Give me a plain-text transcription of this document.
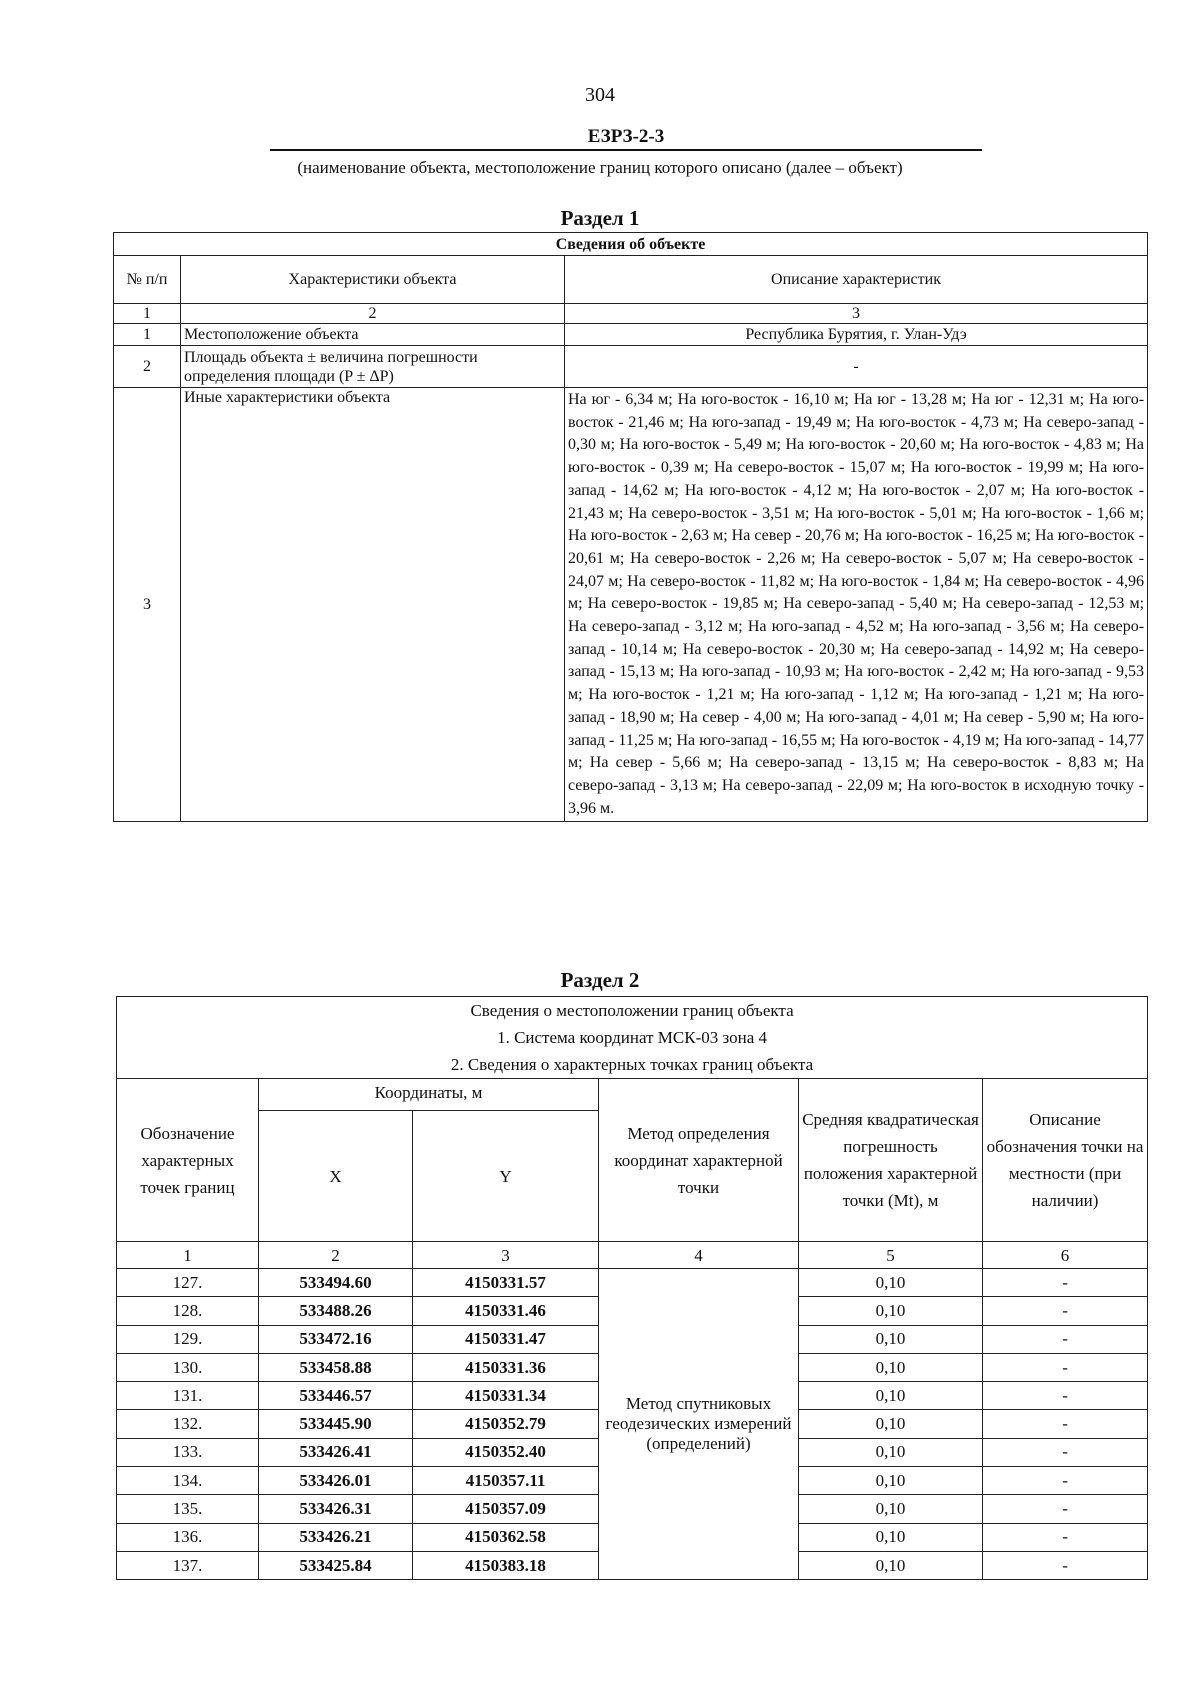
304
ЕЗРЗ-2-3
(наименование объекта, местоположение границ которого описано (далее – объект)
Раздел 1
Сведения об объекте		
№ п/п	Характеристики объекта	Описание характеристик
1	2	3
1	Местоположение объекта	Республика Бурятия, г. Улан-Удэ
2	Площадь объекта ± величина погрешности определения площади (P ± ΔP)	-
3	Иные характеристики объекта	На юг - 6,34 м; На юго-восток - 16,10 м; На юг - 13,28 м; На юг - 12,31 м; На юго-восток - 21,46 м; На юго-запад - 19,49 м; На юго-восток - 4,73 м; На северо-запад - 0,30 м; На юго-восток - 5,49 м; На юго-восток - 20,60 м; На юго-восток - 4,83 м; На юго-восток - 0,39 м; На северо-восток - 15,07 м; На юго-восток - 19,99 м; На юго-запад - 14,62 м; На юго-восток - 4,12 м; На юго-восток - 2,07 м; На юго-восток - 21,43 м; На северо-восток - 3,51 м; На юго-восток - 5,01 м; На юго-восток - 1,66 м; На юго-восток - 2,63 м; На север - 20,76 м; На юго-восток - 16,25 м; На юго-восток - 20,61 м; На северо-восток - 2,26 м; На северо-восток - 5,07 м; На северо-восток - 24,07 м; На северо-восток - 11,82 м; На юго-восток - 1,84 м; На северо-восток - 4,96 м; На северо-восток - 19,85 м; На северо-запад - 5,40 м; На северо-запад - 12,53 м; На северо-запад - 3,12 м; На юго-запад - 4,52 м; На юго-запад - 3,56 м; На северо-запад - 10,14 м; На северо-восток - 20,30 м; На северо-запад - 14,92 м; На северо-запад - 15,13 м; На юго-запад - 10,93 м; На юго-восток - 2,42 м; На юго-запад - 9,53 м; На юго-восток - 1,21 м; На юго-запад - 1,12 м; На юго-запад - 1,21 м; На юго-запад - 18,90 м; На север - 4,00 м; На юго-запад - 4,01 м; На север - 5,90 м; На юго-запад - 11,25 м; На юго-запад - 16,55 м; На юго-восток - 4,19 м; На юго-запад - 14,77 м; На север - 5,66 м; На северо-запад - 13,15 м; На северо-восток - 8,83 м; На северо-запад - 3,13 м; На северо-запад - 22,09 м; На юго-восток в исходную точку - 3,96 м.
Раздел 2
Сведения о местоположении границ объекта					
1. Система координат МСК-03 зона 4					
2. Сведения о характерных точках границ объекта					
Обозначение характерных точек границ	Координаты, м		Метод определения координат характерной точки	Средняя квадратическая погрешность положения характерной точки (Mt), м	Описание обозначения точки на местности (при наличии)
	X	Y			
1	2	3	4	5	6
127.	533494.60	4150331.57	Метод спутниковых геодезических измерений (определений)	0,10	-
128.	533488.26	4150331.46		0,10	-
129.	533472.16	4150331.47		0,10	-
130.	533458.88	4150331.36		0,10	-
131.	533446.57	4150331.34		0,10	-
132.	533445.90	4150352.79		0,10	-
133.	533426.41	4150352.40		0,10	-
134.	533426.01	4150357.11		0,10	-
135.	533426.31	4150357.09		0,10	-
136.	533426.21	4150362.58		0,10	-
137.	533425.84	4150383.18		0,10	-
